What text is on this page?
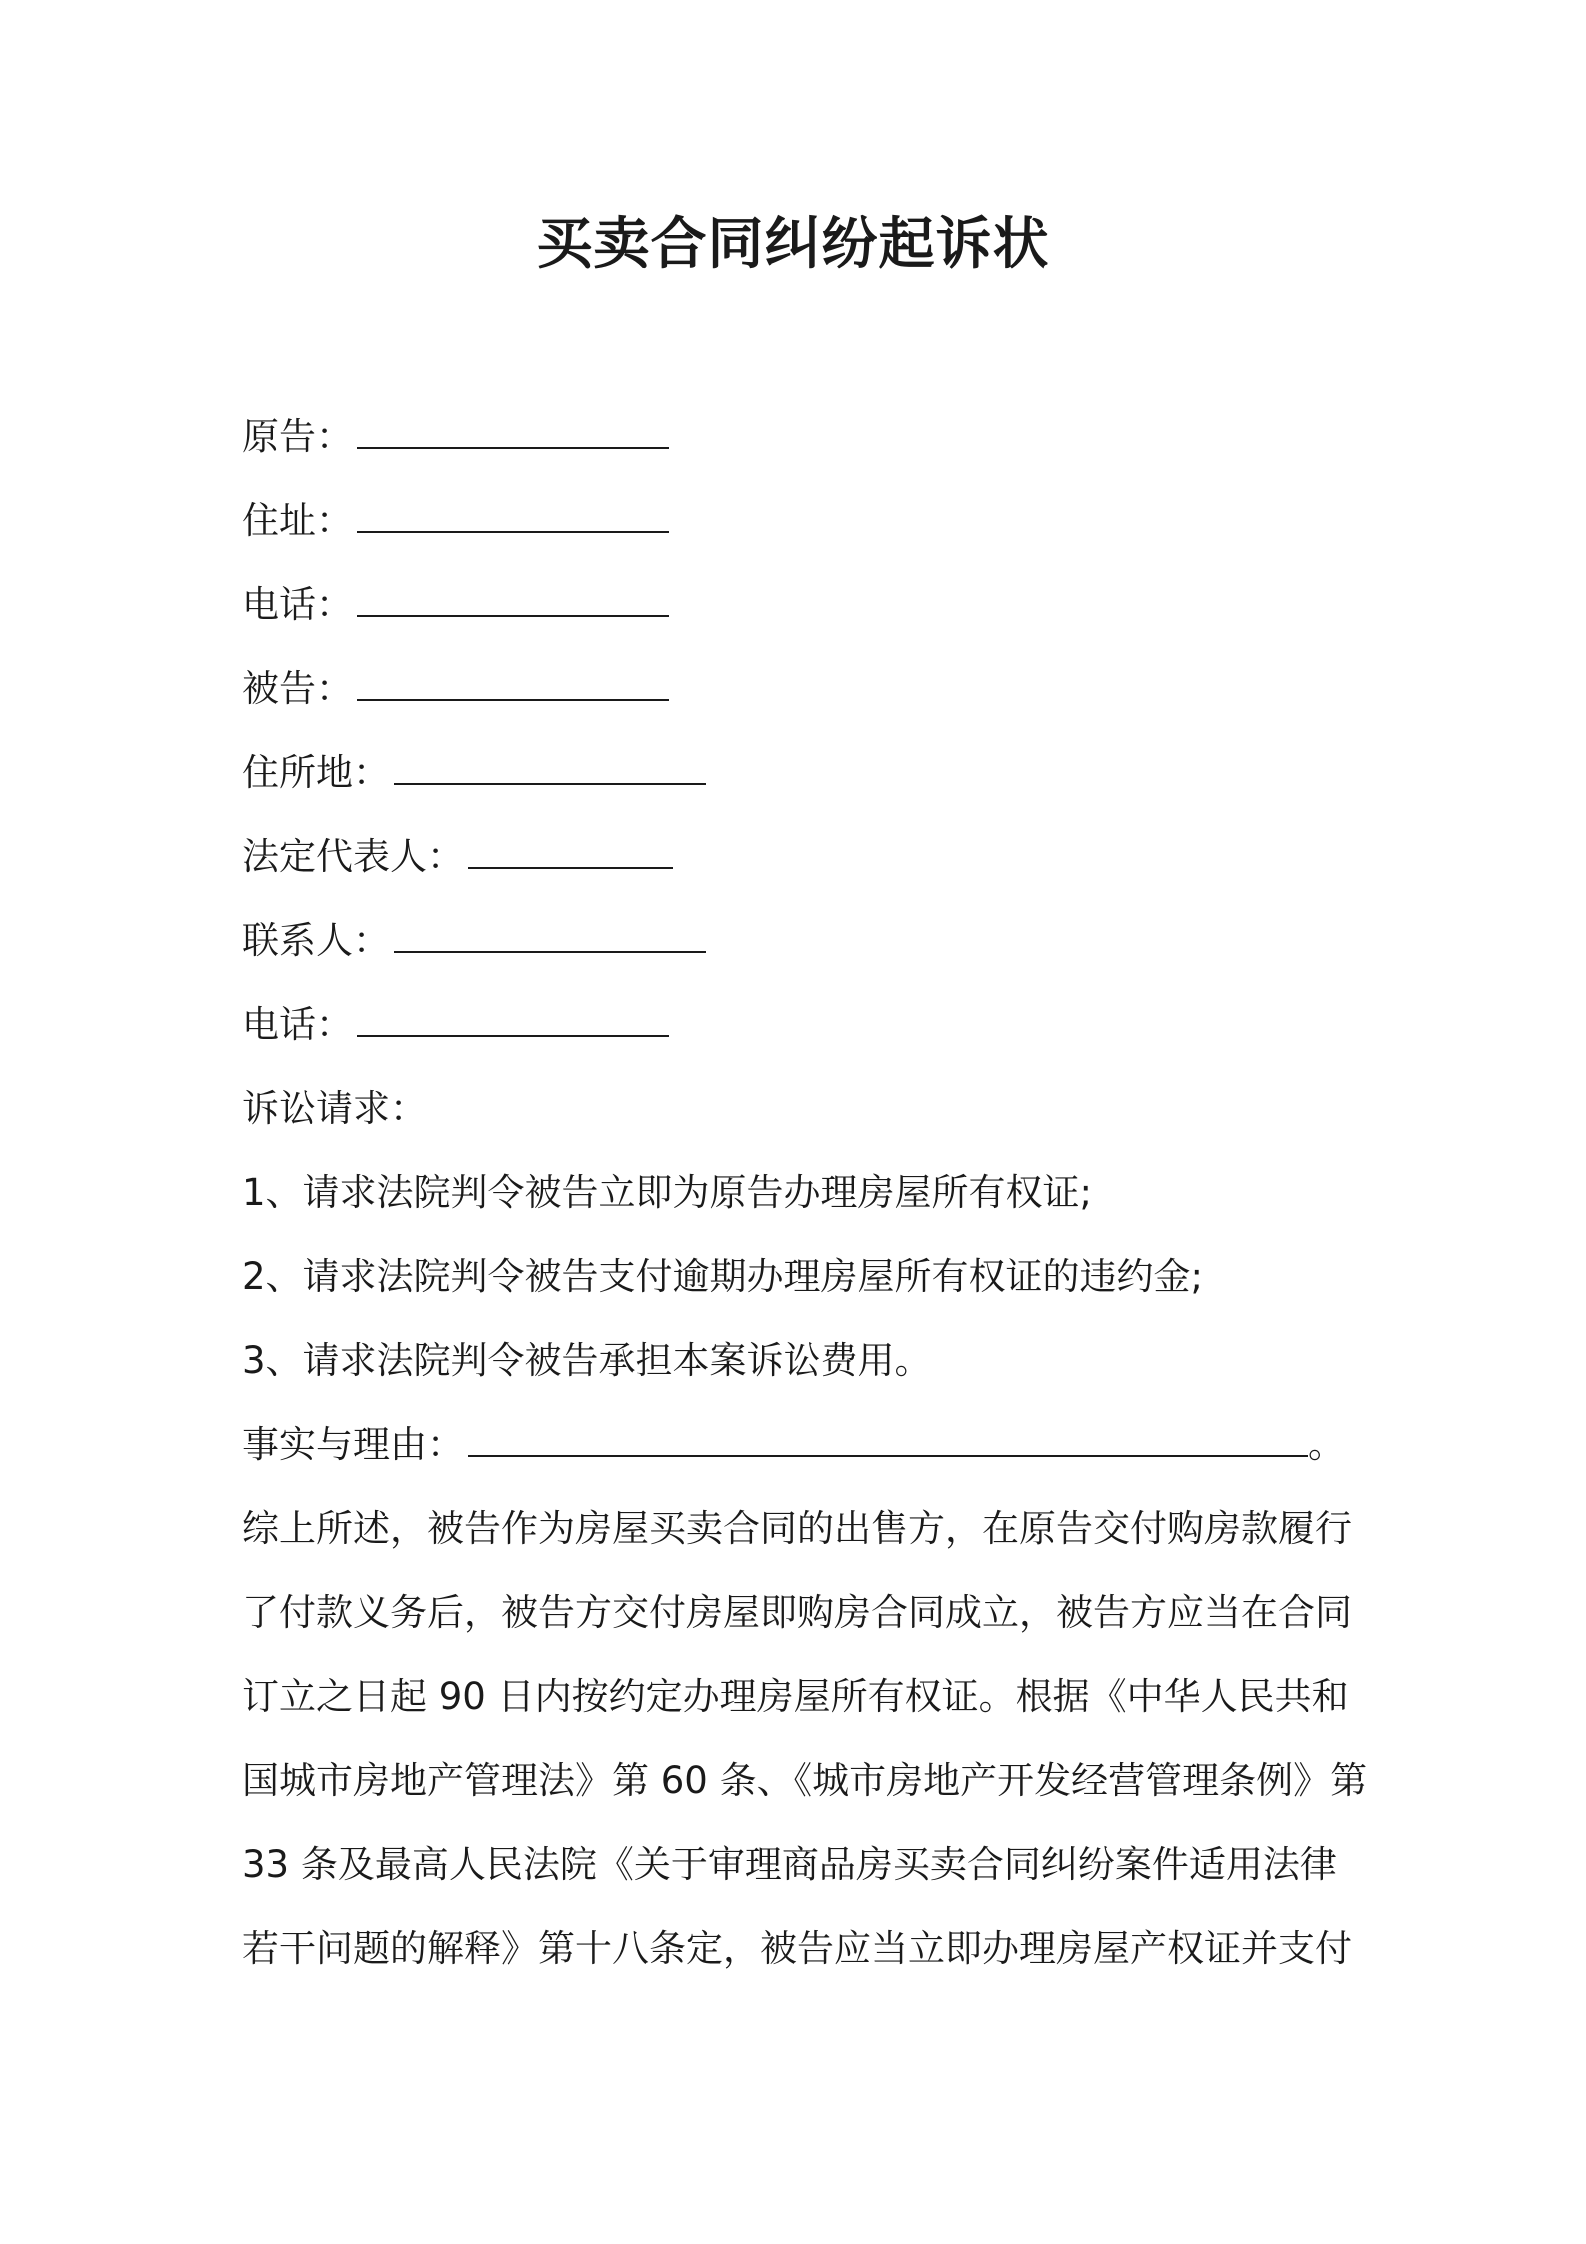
买卖合同纠纷起诉状

原告：

住址：

电话：

被告：

住所地：

法定代表人：

联系人：

电话：

诉讼请求：

1、请求法院判令被告立即为原告办理房屋所有权证;

2、请求法院判令被告支付逾期办理房屋所有权证的违约金;

3、请求法院判令被告承担本案诉讼费用。

事实与理由：	。

综上所述，被告作为房屋买卖合同的出售方，在原告交付购房款履行

了付款义务后，被告方交付房屋即购房合同成立，被告方应当在合同

订立之日起 90 日内按约定办理房屋所有权证。根据《中华人民共和

国城市房地产管理法》第 60 条、《城市房地产开发经营管理条例》第

33 条及最高人民法院《关于审理商品房买卖合同纠纷案件适用法律

若干问题的解释》第十八条定，被告应当立即办理房屋产权证并支付
